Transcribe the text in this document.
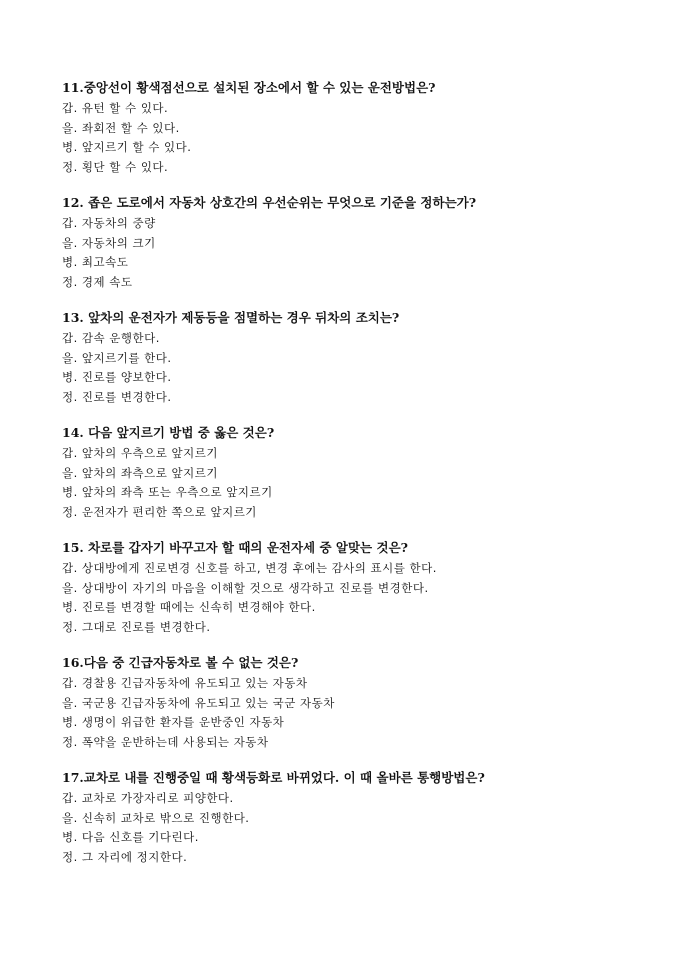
11.중앙선이 황색점선으로 설치된 장소에서 할 수 있는 운전방법은?
갑. 유턴 할 수 있다.
을. 좌회전 할 수 있다.
병. 앞지르기 할 수 있다.
정. 횡단 할 수 있다.
12. 좁은 도로에서 자동차 상호간의 우선순위는 무엇으로 기준을 정하는가?
갑. 자동차의 중량
을. 자동차의 크기
병. 최고속도
정. 경제 속도
13. 앞차의 운전자가 제동등을 점멸하는 경우 뒤차의 조치는?
갑. 감속 운행한다.
을. 앞지르기를 한다.
병. 진로를 양보한다.
정. 진로를 변경한다.
14. 다음 앞지르기 방법 중 옳은 것은?
갑. 앞차의 우측으로 앞지르기
을. 앞차의 좌측으로 앞지르기
병. 앞차의 좌측 또는 우측으로 앞지르기
정. 운전자가 편리한 쪽으로 앞지르기
15. 차로를 갑자기 바꾸고자 할 때의 운전자세 중 알맞는 것은?
갑. 상대방에게 진로변경 신호를 하고, 변경 후에는 감사의 표시를 한다.
을. 상대방이 자기의 마음을 이해할 것으로 생각하고 진로를 변경한다.
병. 진로를 변경할 때에는 신속히 변경해야 한다.
정. 그대로 진로를 변경한다.
16.다음 중 긴급자동차로 볼 수 없는 것은?
갑. 경찰용 긴급자동차에 유도되고 있는 자동차
을. 국군용 긴급자동차에 유도되고 있는 국군 자동차
병. 생명이 위급한 환자를 운반중인 자동차
정. 폭약을 운반하는데 사용되는 자동차
17.교차로 내를 진행중일 때 황색등화로 바뀌었다. 이 때 올바른 통행방법은?
갑. 교차로 가장자리로 피양한다.
을. 신속히 교차로 밖으로 진행한다.
병. 다음 신호를 기다린다.
정. 그 자리에 정지한다.
